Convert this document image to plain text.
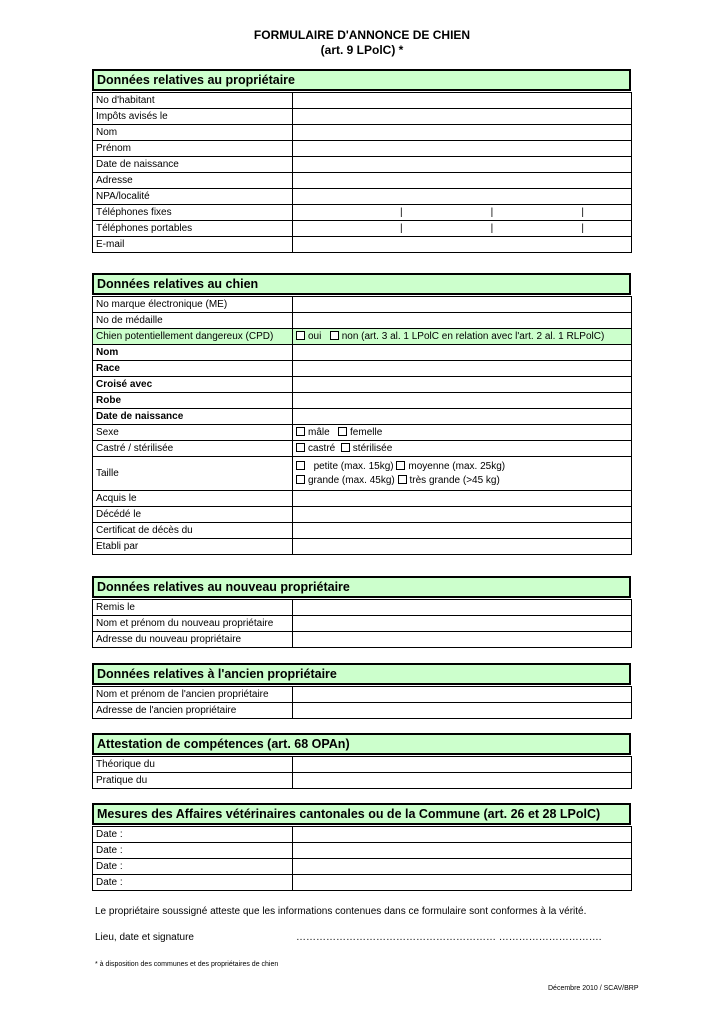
FORMULAIRE D'ANNONCE DE CHIEN
(art. 9 LPolC) *
Données relatives au propriétaire
No d'habitant	
Impôts avisés le	
Nom	
Prénom	
Date de naissance	
Adresse	
NPA/localité	
Téléphones fixes	| | |

Téléphones portables	| | |

E-mail	
Données relatives au chien
No marque électronique (ME)	
No de médaille	
Chien potentiellement dangereux (CPD)	oui non (art. 3 al. 1 LPolC en relation avec l'art. 2 al. 1 RLPolC)
Nom	
Race	
Croisé avec	
Robe	
Date de naissance	
Sexe	mâle femelle
Castré / stérilisée	castré stérilisée
Taille	petite (max. 15kg) moyenne (max. 25kg)
grande (max. 45kg) très grande (>45 kg)

Acquis le	
Décédé le	
Certificat de décès du	
Etabli par	
Données relatives au nouveau propriétaire
Remis le	
Nom et prénom du nouveau propriétaire	
Adresse du nouveau propriétaire	
Données relatives à l'ancien propriétaire
Nom et prénom de l'ancien propriétaire	
Adresse de l'ancien propriétaire	
Attestation de compétences (art. 68 OPAn)
Théorique du	
Pratique du	
Mesures des Affaires vétérinaires cantonales ou de la Commune (art. 26 et 28 LPolC)
Date :	
Date :	
Date :	
Date :	
Le propriétaire soussigné atteste que les informations contenues dans ce formulaire sont conformes à la vérité.
Lieu, date et signature	…………………………………………………… ………………………….
* à disposition des communes et des propriétaires de chien
Décembre 2010 / SCAV/BRP
